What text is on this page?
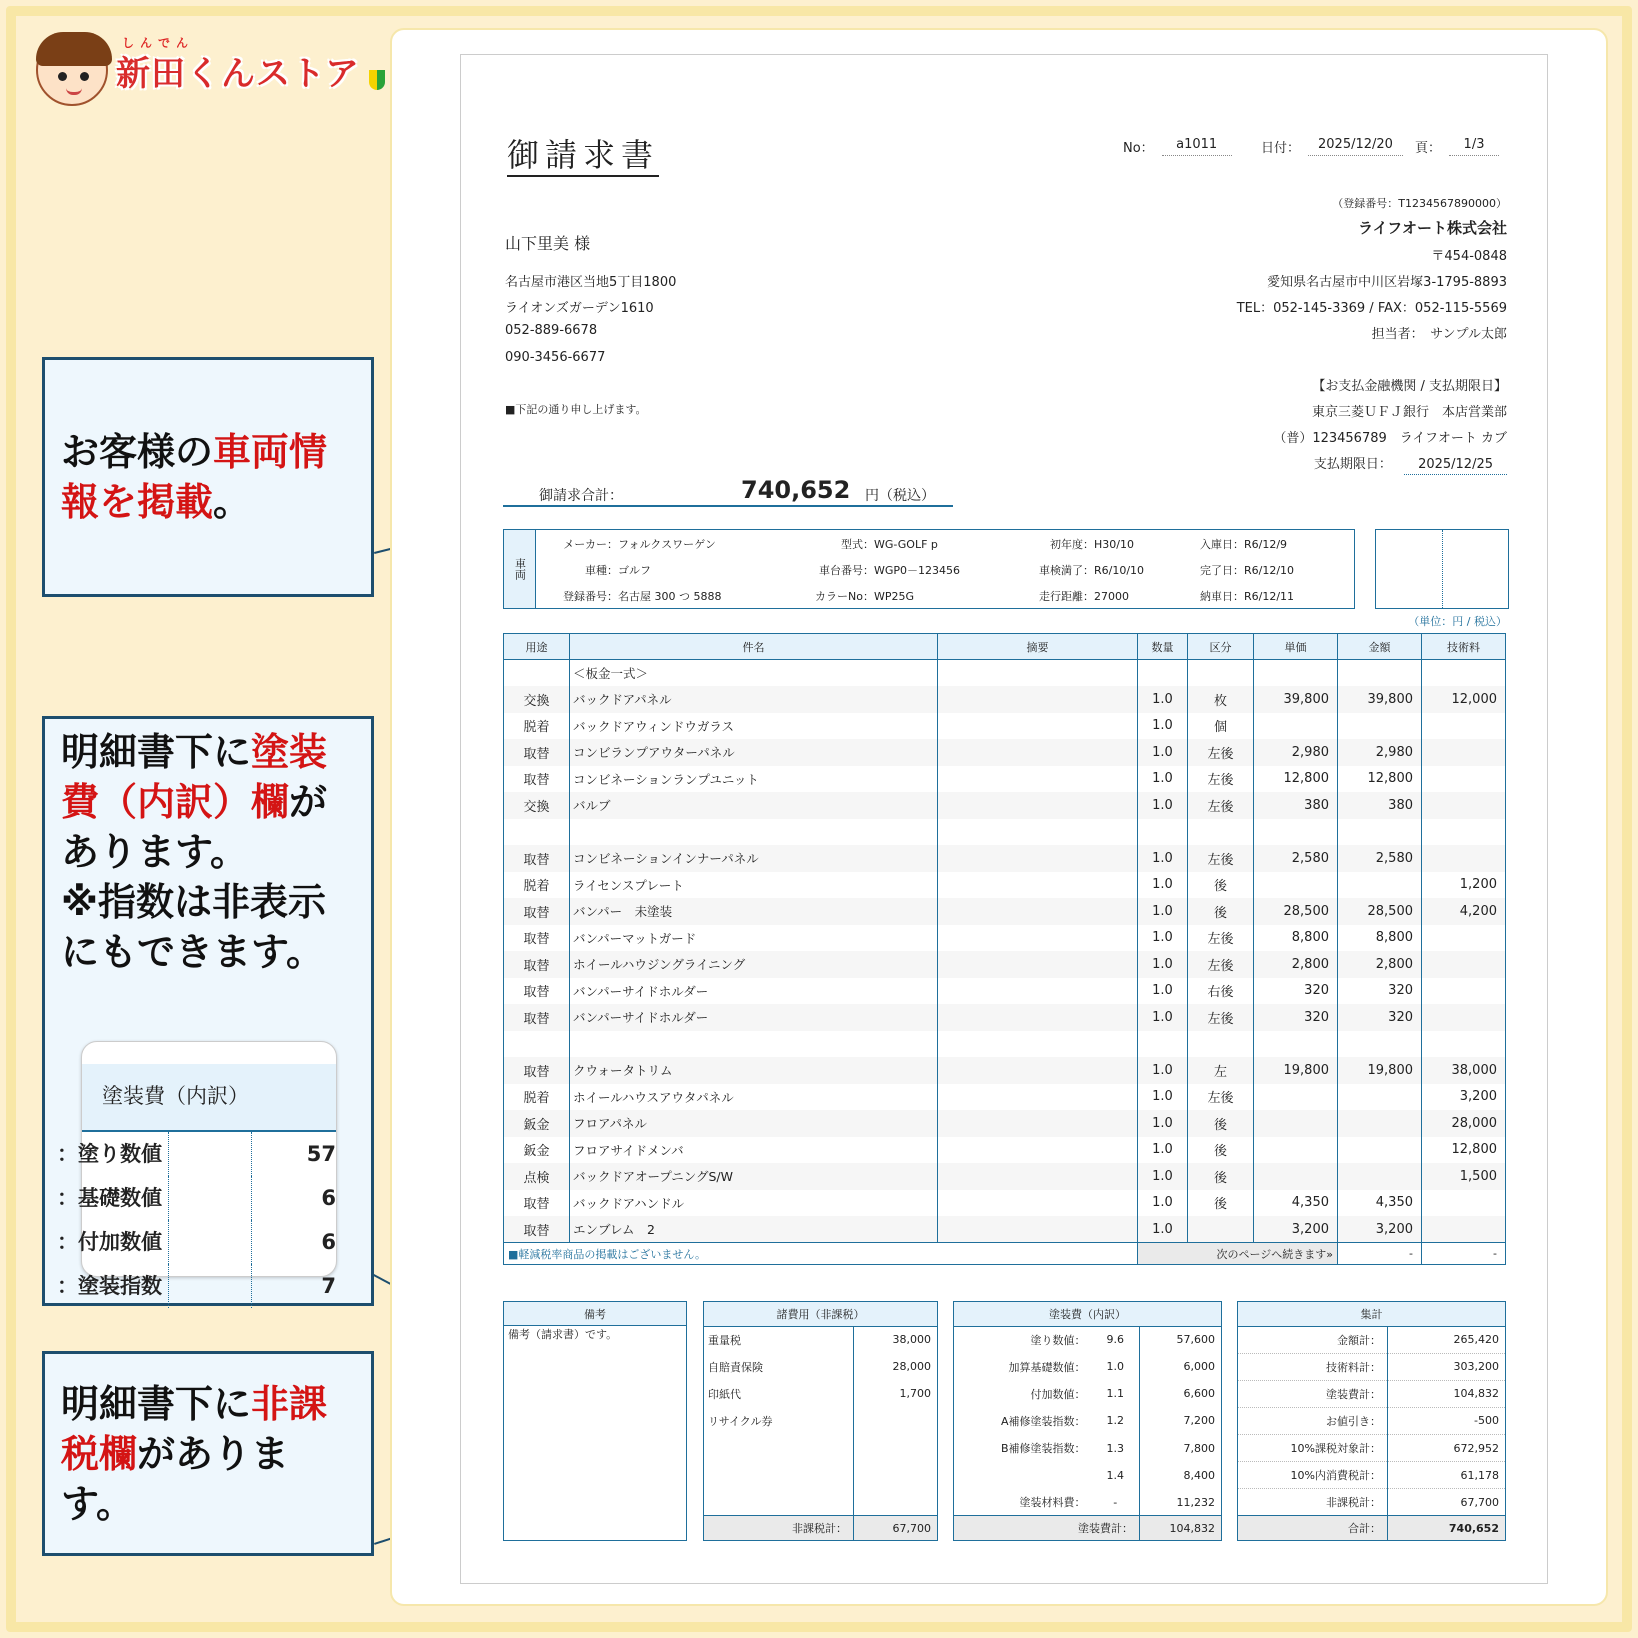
しんでん
新田くんストア
お客様の車両情報を掲載。
明細書下に塗装
費（内訳）欄が
あります。
※指数は非表示
にもできます。
塗装費（内訳）
塗り数値：	57
基礎数値：	6
付加数値：	6
塗装指数：	7
明細書下に非課税欄があります。
御請求書	No：	a1011	日付：	2025/12/20	頁：	1/3
山下里美 様
名古屋市港区当地5丁目1800
ライオンズガーデン1610
052-889-6678
090-3456-6677
■下記の通り申し上げます。
（登録番号：T1234567890000）
ライフオート株式会社
〒454-0848
愛知県名古屋市中川区岩塚3-1795-8893
TEL：052-145-3369 / FAX：052-115-5569
担当者：　サンプル太郎
【お支払金融機関 / 支払期限日】
東京三菱ＵＦＪ銀行　本店営業部
（普）123456789　ライフオート カブ
支払期限日： 2025/12/25
御請求合計：	740,652 円（税込）
車両
メーカー：フォルクスワーゲン
車種：ゴルフ
登録番号：名古屋 300 つ 5888
型式：WG-GOLF p
車台番号：WGP0－123456
カラーNo：WP25G
初年度：H30/10
車検満了：R6/10/10
走行距離：27000
入庫日：R6/12/9
完了日：R6/12/10
納車日：R6/12/11
（単位：円 / 税込）
用途	件名	摘要	数量	区分	単価	金額	技術料
	＜板金一式＞						
交換	バックドアパネル		1.0	枚	39,800	39,800	12,000
脱着	バックドアウィンドウガラス		1.0	個			
取替	コンビランプアウターパネル		1.0	左後	2,980	2,980	
取替	コンビネーションランプユニット		1.0	左後	12,800	12,800	
交換	バルブ		1.0	左後	380	380	

取替	コンビネーションインナーパネル		1.0	左後	2,580	2,580	
脱着	ライセンスプレート		1.0	後			1,200
取替	バンパー　未塗装		1.0	後	28,500	28,500	4,200
取替	バンパーマットガード		1.0	左後	8,800	8,800	
取替	ホイールハウジングライニング		1.0	左後	2,800	2,800	
取替	バンパーサイドホルダー		1.0	右後	320	320	
取替	バンパーサイドホルダー		1.0	左後	320	320	

取替	クウォータトリム		1.0	左	19,800	19,800	38,000
脱着	ホイールハウスアウタパネル		1.0	左後			3,200
鈑金	フロアパネル		1.0	後			28,000
鈑金	フロアサイドメンバ		1.0	後			12,800
点検	バックドアオープニングS/W		1.0	後			1,500
取替	バックドアハンドル		1.0	後	4,350	4,350	
取替	エンブレム　2		1.0		3,200	3,200	
■軽減税率商品の掲載はございません。			次のページへ続きます»			-	-
備考
備考（請求書）です。
諸費用（非課税）	
重量税	38,000
自賠責保険	28,000
印紙代	1,700
リサイクル券	

非課税計：	67,700
塗装費（内訳）		
塗り数値：	9.6	57,600
加算基礎数値：	1.0	6,000
付加数値：	1.1	6,600
A補修塗装指数：	1.2	7,200
B補修塗装指数：	1.3	7,800
	1.4	8,400
塗装材料費：	-	11,232
塗装費計：		104,832
集計	
金額計：	265,420
技術料計：	303,200
塗装費計：	104,832
お値引き：	-500
10%課税対象計：	672,952
10%内消費税計：	61,178
非課税計：	67,700
合計：	740,652
